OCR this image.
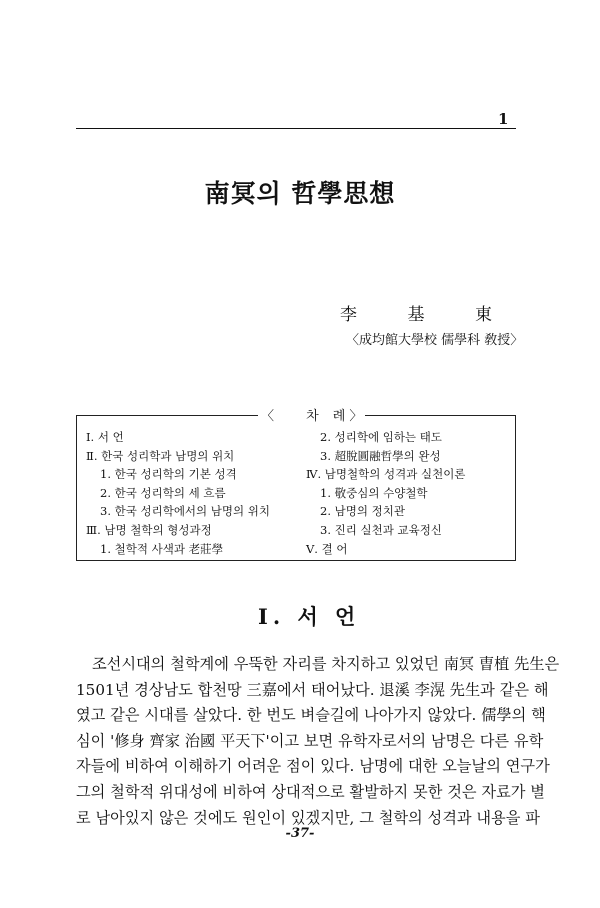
1
南冥의 哲學思想
李	基	東
〈成均館大學校 儒學科 敎授〉
〈 차례 〉
Ⅰ. 서 언
Ⅱ. 한국 성리학과 남명의 위치
1. 한국 성리학의 기본 성격
2. 한국 성리학의 세 흐름
3. 한국 성리학에서의 남명의 위치
Ⅲ. 남명 철학의 형성과정
1. 철학적 사색과 老莊學
2. 성리학에 임하는 태도
3. 超脫圓融哲學의 완성
Ⅳ. 남명철학의 성격과 실천이론
1. 敬중심의 수양철학
2. 남명의 정치관
3. 진리 실천과 교육정신
Ⅴ. 결 어
Ⅰ. 서 언

조선시대의 철학계에 우뚝한 자리를 차지하고 있었던 南冥 曺植 先生은
1501년 경상남도 합천땅 三嘉에서 태어났다. 退溪 李滉 先生과 같은 해
였고 같은 시대를 살았다. 한 번도 벼슬길에 나아가지 않았다. 儒學의 핵
심이 '修身 齊家 治國 平天下'이고 보면 유학자로서의 남명은 다른 유학
자들에 비하여 이해하기 어려운 점이 있다. 남명에 대한 오늘날의 연구가
그의 철학적 위대성에 비하여 상대적으로 활발하지 못한 것은 자료가 별
로 남아있지 않은 것에도 원인이 있겠지만, 그 철학의 성격과 내용을 파

-37-
